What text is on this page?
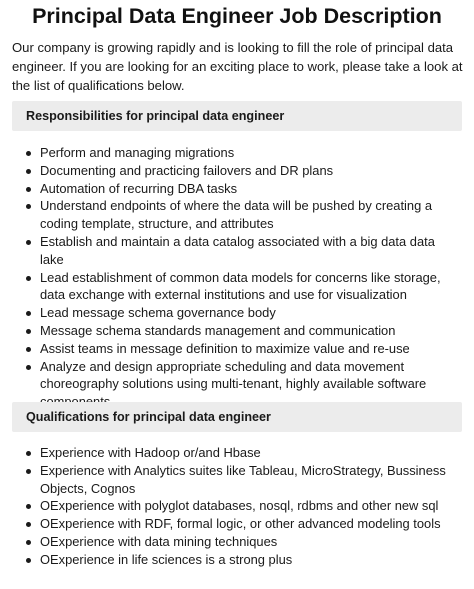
Principal Data Engineer Job Description

Our company is growing rapidly and is looking to fill the role of principal data engineer. If you are looking for an exciting place to work, please take a look at the list of qualifications below.

Responsibilities for principal data engineer
Perform and managing migrations
Documenting and practicing failovers and DR plans
Automation of recurring DBA tasks
Understand endpoints of where the data will be pushed by creating a coding template, structure, and attributes
Establish and maintain a data catalog associated with a big data data lake
Lead establishment of common data models for concerns like storage, data exchange with external institutions and use for visualization
Lead message schema governance body
Message schema standards management and communication
Assist teams in message definition to maximize value and re-use
Analyze and design appropriate scheduling and data movement choreography solutions using multi-tenant, highly available software
Qualifications for principal data engineer
Experience with Hadoop or/and Hbase
Experience with Analytics suites like Tableau, MicroStrategy, Bussiness Objects, Cognos
OExperience with polyglot databases, nosql, rdbms and other new sql
OExperience with RDF, formal logic, or other advanced modeling tools
OExperience with data mining techniques
OExperience in life sciences is a strong plus
